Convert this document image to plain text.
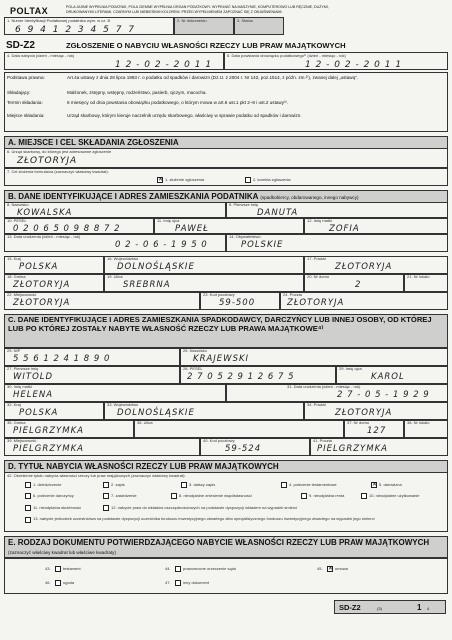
POLTAX	POLA JASNE WYPEŁNIA PODATNIK, POLA CIEMNE WYPEŁNIA ORGAN PODATKOWY. WYPEŁNIĆ NA MASZYNIE, KOMPUTEROWO LUB RĘCZNIE, DUŻYMI,
DRUKOWANYMI LITERAMI, CZARNYM LUB NIEBIESKIM KOLOREM. PRZED WYPEŁNIENIEM ZAPOZNAĆ SIĘ Z OBJAŚNIENIAMI.
1. Numer Identyfikacji Podatkowej podatnika wym. w cz. B
6 9 4 1 2 3 4 5 7 7
2. Nr dokumentu	3. Status
SD-Z2	ZGŁOSZENIE O NABYCIU WŁASNOŚCI RZECZY LUB PRAW MAJĄTKOWYCH
4. Data nabycia (dzień - miesiąc - rok)
1 2 - 0 2 - 2 0 1 1
5. Data powstania obowiązku podatkowego¹⁾ (dzień - miesiąc - rok)
1 2 - 0 2 - 2 0 1 1
Podstawa prawna:	Art.4a ustawy z dnia 28 lipca 1983 r. o podatku od spadków i darowizn (Dz.U. z 2004 r. Nr 142, poz.1514, z późn. zm.²⁾), zwanej dalej „ustawą”.
Składający:	Małżonek, zstępny, wstępny, rodzeństwo, pasierb, ojczym, macocha.
Termin składania:	6 miesięcy od dnia powstania obowiązku podatkowego, o którym mowa w art.6 ust.1 pkt 2–8 i ust.2 ustawy³⁾.
Miejsce składania:	Urząd skarbowy, którym kieruje naczelnik urzędu skarbowego, właściwy w sprawie podatku od spadków i darowizn.
A. MIEJSCE I CEL SKŁADANIA ZGŁOSZENIA
6. Urząd skarbowy, do którego jest adresowane zgłoszenie
ZŁOTORYJA
7. Cel złożenia formularza (zaznaczyć właściwy kwadrat):
✕ 1. złożenie zgłoszenia	2. korekta zgłoszenia
B. DANE IDENTYFIKUJĄCE I ADRES ZAMIESZKANIA PODATNIKA (spadkobiercy, obdarowanego, innego nabywcy)
8. Nazwisko
KOWALSKA
9. Pierwsze imię
DANUTA
10. PESEL
0 2 0 6 5 0 9 8 8 7 2
11. Imię ojca
PAWEŁ
12. Imię matki
ZOFIA
13. Data urodzenia (dzień - miesiąc - rok)
0 2 - 0 6 - 1 9 5 0
14. Obywatelstwo
POLSKIE
15. Kraj
POLSKA
16. Województwo
DOLNOŚLĄSKIE
17. Powiat
ZŁOTORYJA
18. Gmina
ZŁOTORYJA
19. Ulica
SREBRNA
20. Nr domu
2
21. Nr lokalu
22. Miejscowość
ZŁOTORYJA
23. Kod pocztowy
59-500
24. Poczta
ZŁOTORYJA
C. DANE IDENTYFIKUJĄCE I ADRES ZAMIESZKANIA SPADKODAWCY, DARCZYŃCY LUB INNEJ OSOBY, OD KTÓREJ LUB PO KTÓREJ ZOSTAŁY NABYTE WŁASNOŚĆ RZECZY LUB PRAWA MAJĄTKOWE⁴⁾
25. NIP
5 5 6 1 2 4 1 8 9 0
26. Nazwisko
KRAJEWSKI
27. Pierwsze imię
WITOLD
28. PESEL
2 7 0 5 2 9 1 2 6 7 5
29. Imię ojca
KAROL
30. Imię matki
HELENA
31. Data urodzenia (dzień - miesiąc - rok)
2 7 - 0 5 - 1 9 2 9
32. Kraj
POLSKA
33. Województwo
DOLNOŚLĄSKIE
34. Powiat
ZŁOTORYJA
35. Gmina
PIELGRZYMKA
36. Ulica	37. Nr domu
127
38. Nr lokalu
39. Miejscowość
PIELGRZYMKA
40. Kod pocztowy
59-524
41. Poczta
PIELGRZYMKA
D. TYTUŁ NABYCIA WŁASNOŚCI RZECZY LUB PRAW MAJĄTKOWYCH
42. Określenie tytułu nabycia własności rzeczy lub praw majątkowych (zaznaczyć właściwy kwadrat):
1. dziedziczenie	2. zapis	3. dalszy zapis	4. polecenie testamentowe	✕ 5. darowizna
6. polecenie darczyńcy	7. zasiedzenie	8. nieodpłatne zniesienie współwłasności	9. nieodpłatna renta	10. nieodpłatne użytkowanie
11. nieodpłatna służebność	12. nabycie praw do wkładów oszczędnościowych na podstawie dyspozycji wkładem na wypadek śmierci
13. nabycie jednostek uczestnictwa na podstawie dyspozycji uczestnika funduszu inwestycyjnego otwartego albo specjalistycznego funduszu inwestycyjnego otwartego na wypadek jego śmierci
E. RODZAJ DOKUMENTU POTWIERDZAJĄCEGO NABYCIE WŁASNOŚCI RZECZY LUB PRAW MAJĄTKOWYCH (zaznaczyć właściwy kwadrat lub właściwe kwadraty)
43.	testament	44.	prawomocne orzeczenie sądu	45. ✕ umowa
46.	ugoda	47.	inny dokument
SD-Z2	(3)	1 4
